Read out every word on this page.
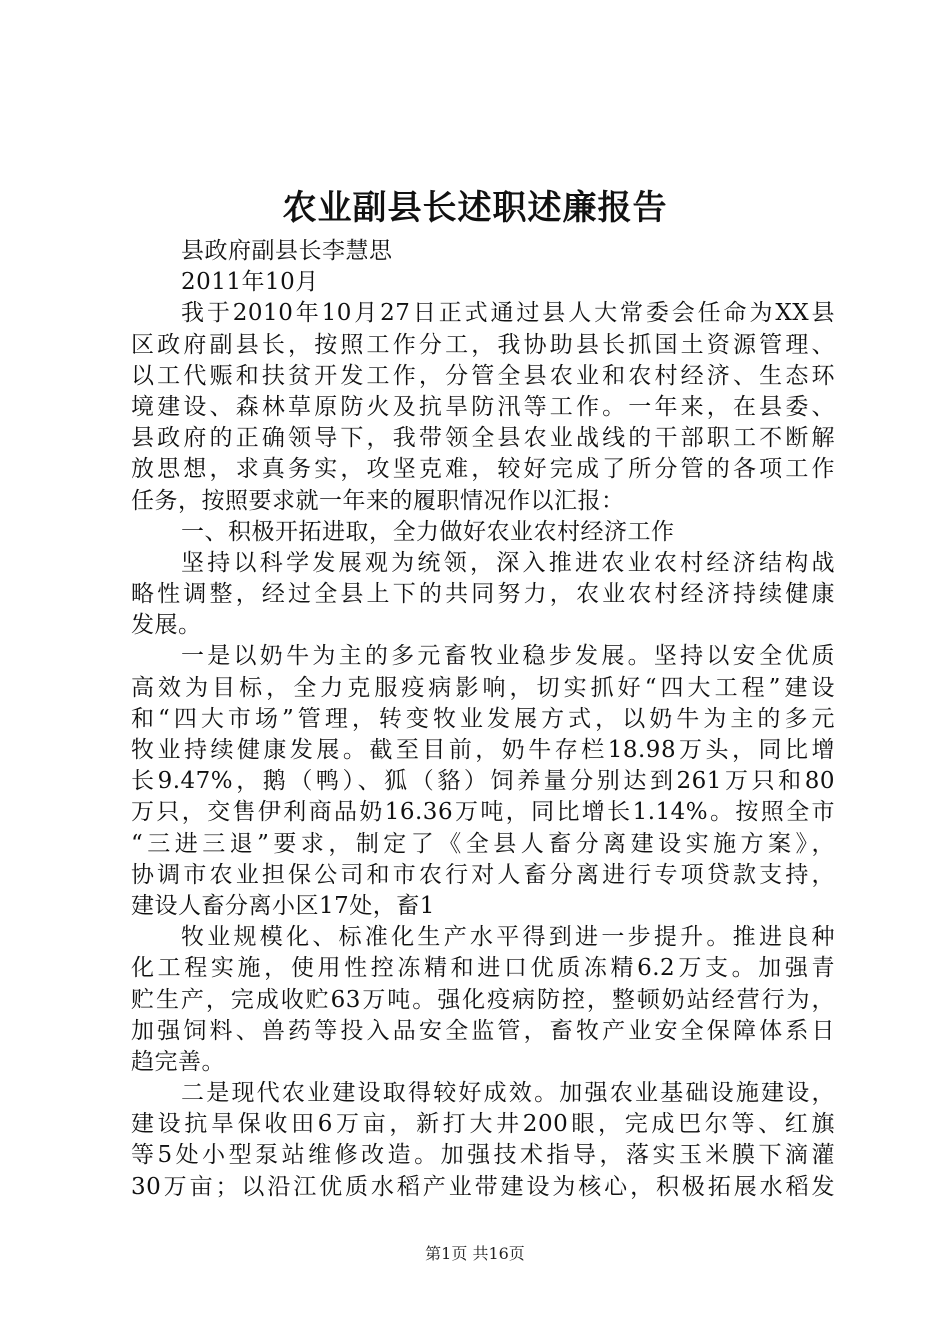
农业副县长述职述廉报告
县政府副县长李慧思
2011年10月
我于2010年10月27日正式通过县人大常委会任命为XX县
区政府副县长，按照工作分工，我协助县长抓国土资源管理、
以工代赈和扶贫开发工作，分管全县农业和农村经济、生态环
境建设、森林草原防火及抗旱防汛等工作。一年来，在县委、
县政府的正确领导下，我带领全县农业战线的干部职工不断解
放思想，求真务实，攻坚克难，较好完成了所分管的各项工作
任务，按照要求就一年来的履职情况作以汇报：
一、积极开拓进取，全力做好农业农村经济工作
坚持以科学发展观为统领，深入推进农业农村经济结构战
略性调整，经过全县上下的共同努力，农业农村经济持续健康
发展。
一是以奶牛为主的多元畜牧业稳步发展。坚持以安全优质
高效为目标，全力克服疫病影响，切实抓好“四大工程”建设
和“四大市场”管理，转变牧业发展方式，以奶牛为主的多元
牧业持续健康发展。截至目前，奶牛存栏18.98万头，同比增
长9.47%，鹅（鸭）、狐（貉）饲养量分别达到261万只和80
万只，交售伊利商品奶16.36万吨，同比增长1.14%。按照全市
“三进三退”要求，制定了《全县人畜分离建设实施方案》，
协调市农业担保公司和市农行对人畜分离进行专项贷款支持，
建设人畜分离小区17处，畜1
牧业规模化、标准化生产水平得到进一步提升。推进良种
化工程实施，使用性控冻精和进口优质冻精6.2万支。加强青
贮生产，完成收贮63万吨。强化疫病防控，整顿奶站经营行为，
加强饲料、兽药等投入品安全监管，畜牧产业安全保障体系日
趋完善。
二是现代农业建设取得较好成效。加强农业基础设施建设，
建设抗旱保收田6万亩，新打大井200眼，完成巴尔等、红旗
等5处小型泵站维修改造。加强技术指导，落实玉米膜下滴灌
30万亩；以沿江优质水稻产业带建设为核心，积极拓展水稻发
第1页 共16页
